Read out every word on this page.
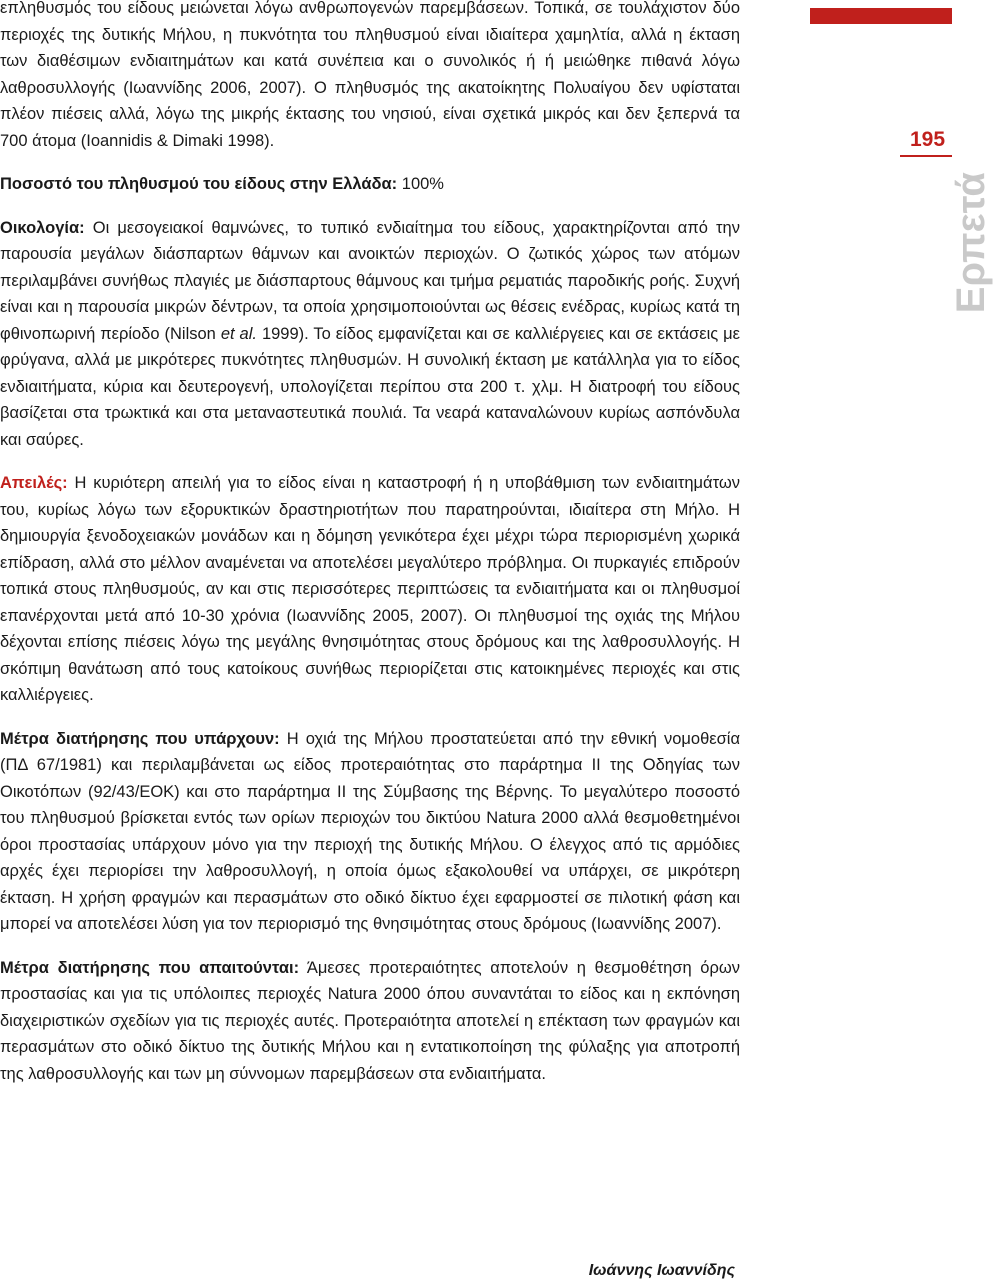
επληθυσμός του είδους μειώνεται λόγω ανθρωπογενών παρεμβάσεων. Τοπικά, σε τουλάχιστον δύο περιοχές της δυτικής Μήλου, η πυκνότητα του πληθυσμού είναι ιδιαίτερα χαμηλτία, αλλά η έκταση των διαθέσιμων ενδιαιτημάτων και κατά συνέπεια και ο συνολικός ή ή μειώθηκε πιθανά λόγω λαθροσυλλογής (Ιωαννίδης 2006, 2007). Ο πληθυσμός της ακατοίκητης Πολυαίγου δεν υφίσταται πλέον πιέσεις αλλά, λόγω της μικρής έκτασης του νησιού, είναι σχετικά μικρός και δεν ξεπερνά τα 700 άτομα (Ioannidis & Dimaki 1998).

Ποσοστό του πληθυσμού του είδους στην Ελλάδα: 100%

Οικολογία: Οι μεσογειακοί θαμνώνες, το τυπικό ενδιαίτημα του είδους, χαρακτηρίζονται από την παρουσία μεγάλων διάσπαρτων θάμνων και ανοικτών περιοχών. Ο ζωτικός χώρος των ατόμων περιλαμβάνει συνήθως πλαγιές με διάσπαρτους θάμνους και τμήμα ρεματιάς παροδικής ροής. Συχνή είναι και η παρουσία μικρών δέντρων, τα οποία χρησιμοποιούνται ως θέσεις ενέδρας, κυρίως κατά τη φθινοπωρινή περίοδο (Nilson et al. 1999). Το είδος εμφανίζεται και σε καλλιέργειες και σε εκτάσεις με φρύγανα, αλλά με μικρότερες πυκνότητες πληθυσμών. Η συνολική έκταση με κατάλληλα για το είδος ενδιαιτήματα, κύρια και δευτερογενή, υπολογίζεται περίπου στα 200 τ. χλμ. Η διατροφή του είδους βασίζεται στα τρωκτικά και στα μεταναστευτικά πουλιά. Τα νεαρά καταναλώνουν κυρίως ασπόνδυλα και σαύρες.

Απειλές: Η κυριότερη απειλή για το είδος είναι η καταστροφή ή η υποβάθμιση των ενδιαιτημάτων του, κυρίως λόγω των εξορυκτικών δραστηριοτήτων που παρατηρούνται, ιδιαίτερα στη Μήλο. Η δημιουργία ξενοδοχειακών μονάδων και η δόμηση γενικότερα έχει μέχρι τώρα περιορισμένη χωρικά επίδραση, αλλά στο μέλλον αναμένεται να αποτελέσει μεγαλύτερο πρόβλημα. Οι πυρκαγιές επιδρούν τοπικά στους πληθυσμούς, αν και στις περισσότερες περιπτώσεις τα ενδιαιτήματα και οι πληθυσμοί επανέρχονται μετά από 10-30 χρόνια (Ιωαννίδης 2005, 2007). Οι πληθυσμοί της οχιάς της Μήλου δέχονται επίσης πιέσεις λόγω της μεγάλης θνησιμότητας στους δρόμους και της λαθροσυλλογής. Η σκόπιμη θανάτωση από τους κατοίκους συνήθως περιορίζεται στις κατοικημένες περιοχές και στις καλλιέργειες.

Μέτρα διατήρησης που υπάρχουν: Η οχιά της Μήλου προστατεύεται από την εθνική νομοθεσία (ΠΔ 67/1981) και περιλαμβάνεται ως είδος προτεραιότητας στο παράρτημα ΙΙ της Οδηγίας των Οικοτόπων (92/43/ΕΟΚ) και στο παράρτημα ΙΙ της Σύμβασης της Βέρνης. Το μεγαλύτερο ποσοστό του πληθυσμού βρίσκεται εντός των ορίων περιοχών του δικτύου Natura 2000 αλλά θεσμοθετημένοι όροι προστασίας υπάρχουν μόνο για την περιοχή της δυτικής Μήλου. Ο έλεγχος από τις αρμόδιες αρχές έχει περιορίσει την λαθροσυλλογή, η οποία όμως εξακολουθεί να υπάρχει, σε μικρότερη έκταση. Η χρήση φραγμών και περασμάτων στο οδικό δίκτυο έχει εφαρμοστεί σε πιλοτική φάση και μπορεί να αποτελέσει λύση για τον περιορισμό της θνησιμότητας στους δρόμους (Ιωαννίδης 2007).

Μέτρα διατήρησης που απαιτούνται: Άμεσες προτεραιότητες αποτελούν η θεσμοθέτηση όρων προστασίας και για τις υπόλοιπες περιοχές Natura 2000 όπου συναντάται το είδος και η εκπόνηση διαχειριστικών σχεδίων για τις περιοχές αυτές. Προτεραιότητα αποτελεί η επέκταση των φραγμών και περασμάτων στο οδικό δίκτυο της δυτικής Μήλου και η εντατικοποίηση της φύλαξης για αποτροπή της λαθροσυλλογής και των μη σύννομων παρεμβάσεων στα ενδιαιτήματα.

Ιωάννης Ιωαννίδης
195
Ερπετά
